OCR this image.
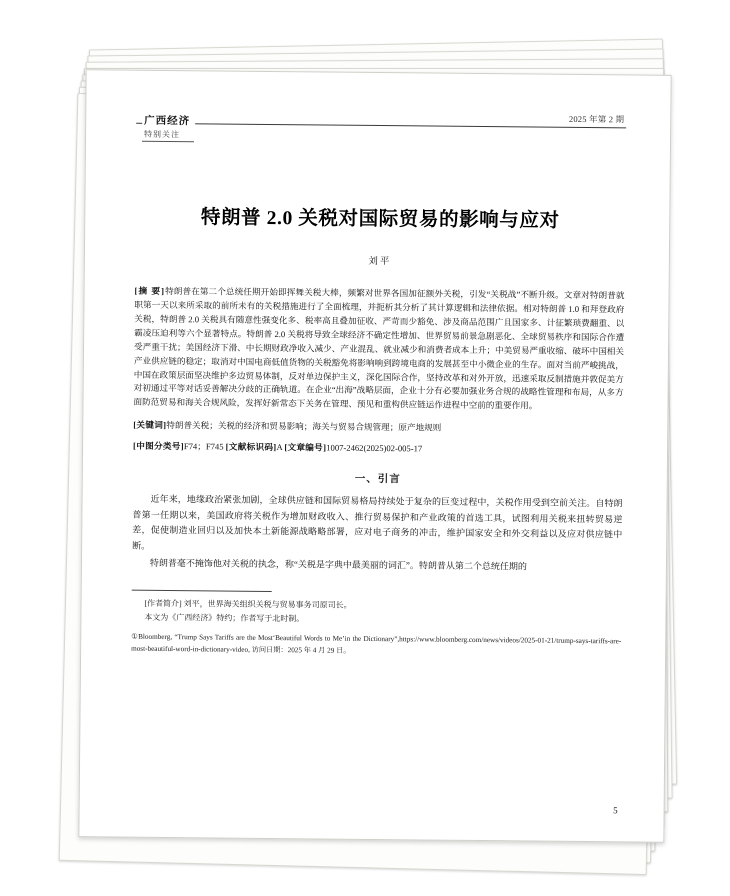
2025 年第 2 期
广西经济
特别关注
特朗普 2.0 关税对国际贸易的影响与应对
刘平

[摘 要]特朗普在第二个总统任期开始即挥舞关税大棒，频繁对世界各国加征额外关税，引发“关税战”不断升级。文章对特朗普就职第一天以来所采取的前所未有的关税措施进行了全面梳理，并扼析其分析了其计算逻辑和法律依据。相对特朗普 1.0 和拜登政府关税，特朗普 2.0 关税具有随意性强变化多、税率高且叠加征收、严苛而少豁免、涉及商品范围广且国家多、计征繁琐费翻重、以霸凌压迫利等六个显著特点。特朗普 2.0 关税将导致全球经济不确定性增加、世界贸易前景急剧恶化、全球贸易秩序和国际合作遭受严重干扰；美国经济下滑、中长期财政净收入减少、产业混乱、就业减少和消费者成本上升；中美贸易严重收缩、破坏中国相关产业供应链的稳定；取消对中国电商低值货物的关税豁免将影响响到跨境电商的发展甚至中小微企业的生存。面对当前严峻挑战，中国在政策层面坚决维护多边贸易体制，反对单边保护主义，深化国际合作，坚持改革和对外开放，迅速采取反制措施并敦促美方对初通过平等对话妥善解决分歧的正确轨道。在企业“出海”战略层面，企业十分有必要加强业务合规的战略性管理和布局，从多方面防范贸易和海关合规风险，发挥好新常态下关务在管理、预见和重构供应链运作进程中空前的重要作用。

[关键词]特朗普关税；关税的经济和贸易影响；海关与贸易合规管理；原产地规则
[中图分类号]F74；F745 [文献标识码]A [文章编号]1007-2462(2025)02-005-17
一、引言

近年来，地缘政治紧张加剧，全球供应链和国际贸易格局持续处于复杂的巨变过程中，关税作用受到空前关注。自特朗普第一任期以来，美国政府将关税作为增加财政收入、推行贸易保护和产业政策的首选工具，试图利用关税来扭转贸易逆差，促使制造业回归以及加快本土新能源战略略部署，应对电子商务的冲击，维护国家安全和外交利益以及应对供应链中断。

特朗普毫不掩饰他对关税的执念，称“关税是字典中最美丽的词汇”。特朗普从第二个总统任期的

[作者简介] 刘平，世界海关组织关税与贸易事务司原司长。
本文为《广西经济》特约；作者写于北时制。
①Bloomberg, “Trump Says Tariffs are the Most‘Beautiful Words to Me’in the Dictionary”,https://www.bloomberg.com/news/videos/2025-01-21/trump-says-tariffs-are-most-beautiful-word-in-dictionary-video, 访问日期：2025 年 4 月 29 日。
5
